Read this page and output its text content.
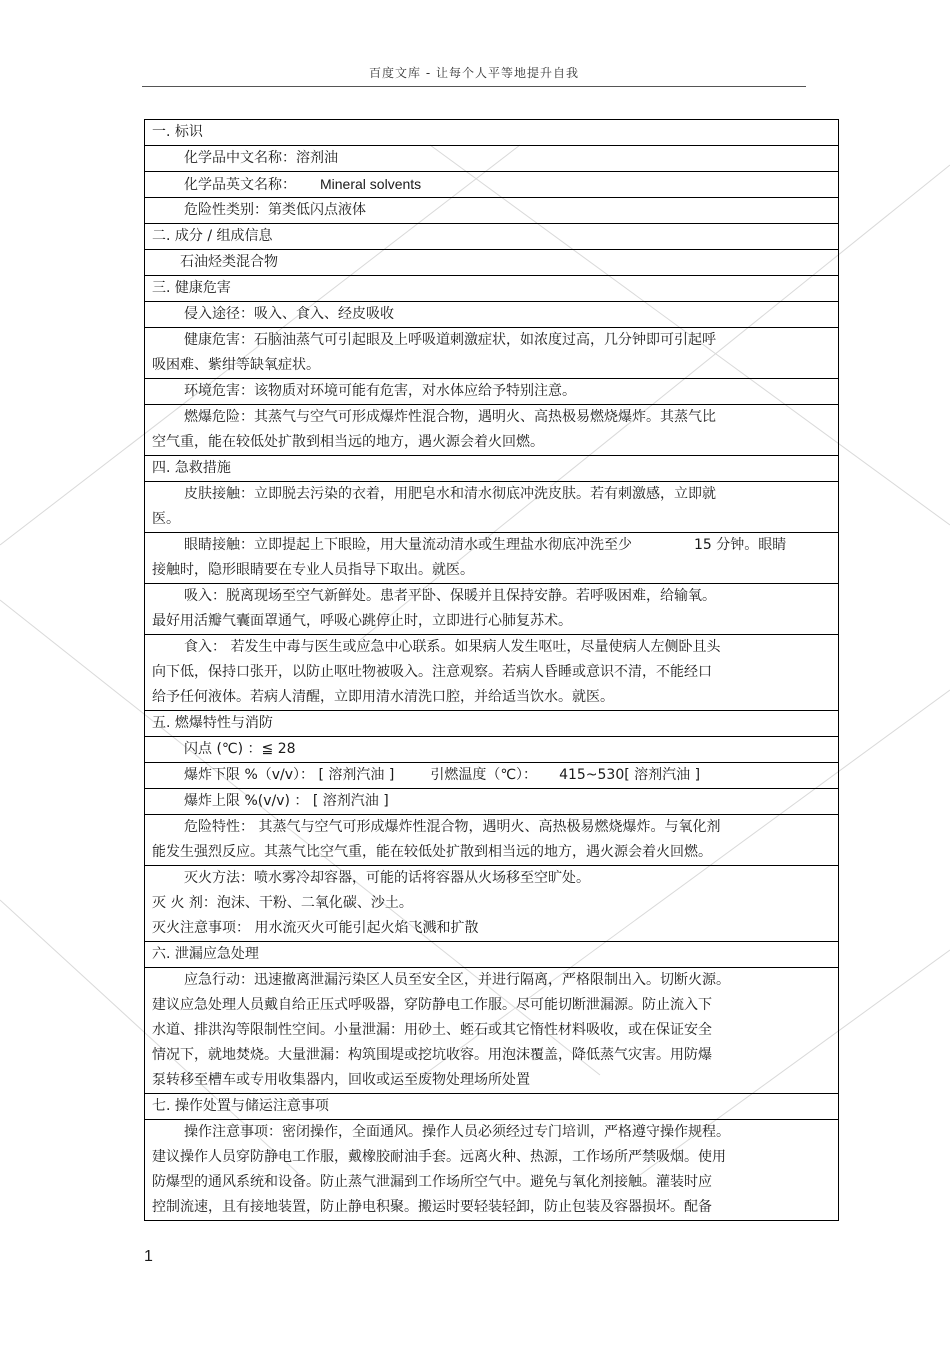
百度文库 - 让每个人平等地提升自我
一. 标识
化学品中文名称：溶剂油
化学品英文名称： Mineral solvents
危险性类别：第类低闪点液体
二. 成分 / 组成信息
石油烃类混合物
三. 健康危害
侵入途径：吸入、食入、经皮吸收
健康危害：石脑油蒸气可引起眼及上呼吸道刺激症状，如浓度过高，几分钟即可引起呼
吸困难、紫绀等缺氧症状。
环境危害：该物质对环境可能有危害，对水体应给予特别注意。
燃爆危险：其蒸气与空气可形成爆炸性混合物，遇明火、高热极易燃烧爆炸。其蒸气比
空气重，能在较低处扩散到相当远的地方，遇火源会着火回燃。
四. 急救措施
皮肤接触：立即脱去污染的衣着，用肥皂水和清水彻底冲洗皮肤。若有刺激感，立即就
医。
眼睛接触：立即提起上下眼睑，用大量流动清水或生理盐水彻底冲洗至少	15 分钟。眼睛
接触时，隐形眼睛要在专业人员指导下取出。就医。
吸入：脱离现场至空气新鲜处。患者平卧、保暖并且保持安静。若呼吸困难，给输氧。
最好用活瓣气囊面罩通气，呼吸心跳停止时，立即进行心肺复苏术。
食入： 若发生中毒与医生或应急中心联系。如果病人发生呕吐，尽量使病人左侧卧且头
向下低，保持口张开，以防止呕吐物被吸入。注意观察。若病人昏睡或意识不清，不能经口
给予任何液体。若病人清醒，立即用清水清洗口腔，并给适当饮水。就医。
五. 燃爆特性与消防
闪点 (℃) ：≦ 28
爆炸下限 %（v/v）： [ 溶剂汽油 ]	引燃温度（℃）： 415~530[ 溶剂汽油 ]
爆炸上限 %(v/v) ： [ 溶剂汽油 ]
危险特性： 其蒸气与空气可形成爆炸性混合物，遇明火、高热极易燃烧爆炸。与氧化剂
能发生强烈反应。其蒸气比空气重，能在较低处扩散到相当远的地方，遇火源会着火回燃。
灭火方法：喷水雾冷却容器，可能的话将容器从火场移至空旷处。
灭 火 剂：泡沫、干粉、二氧化碳、沙土。
灭火注意事项： 用水流灭火可能引起火焰飞溅和扩散
六. 泄漏应急处理
应急行动：迅速撤离泄漏污染区人员至安全区，并进行隔离，严格限制出入。切断火源。
建议应急处理人员戴自给正压式呼吸器，穿防静电工作服。尽可能切断泄漏源。防止流入下
水道、排洪沟等限制性空间。小量泄漏：用砂土、蛭石或其它惰性材料吸收，或在保证安全
情况下，就地焚烧。大量泄漏：构筑围堤或挖坑收容。用泡沫覆盖，降低蒸气灾害。用防爆
泵转移至槽车或专用收集器内，回收或运至废物处理场所处置
七. 操作处置与储运注意事项
操作注意事项：密闭操作，全面通风。操作人员必须经过专门培训，严格遵守操作规程。
建议操作人员穿防静电工作服，戴橡胶耐油手套。远离火种、热源，工作场所严禁吸烟。使用
防爆型的通风系统和设备。防止蒸气泄漏到工作场所空气中。避免与氧化剂接触。灌装时应
控制流速，且有接地装置，防止静电积聚。搬运时要轻装轻卸，防止包装及容器损坏。配备
1
